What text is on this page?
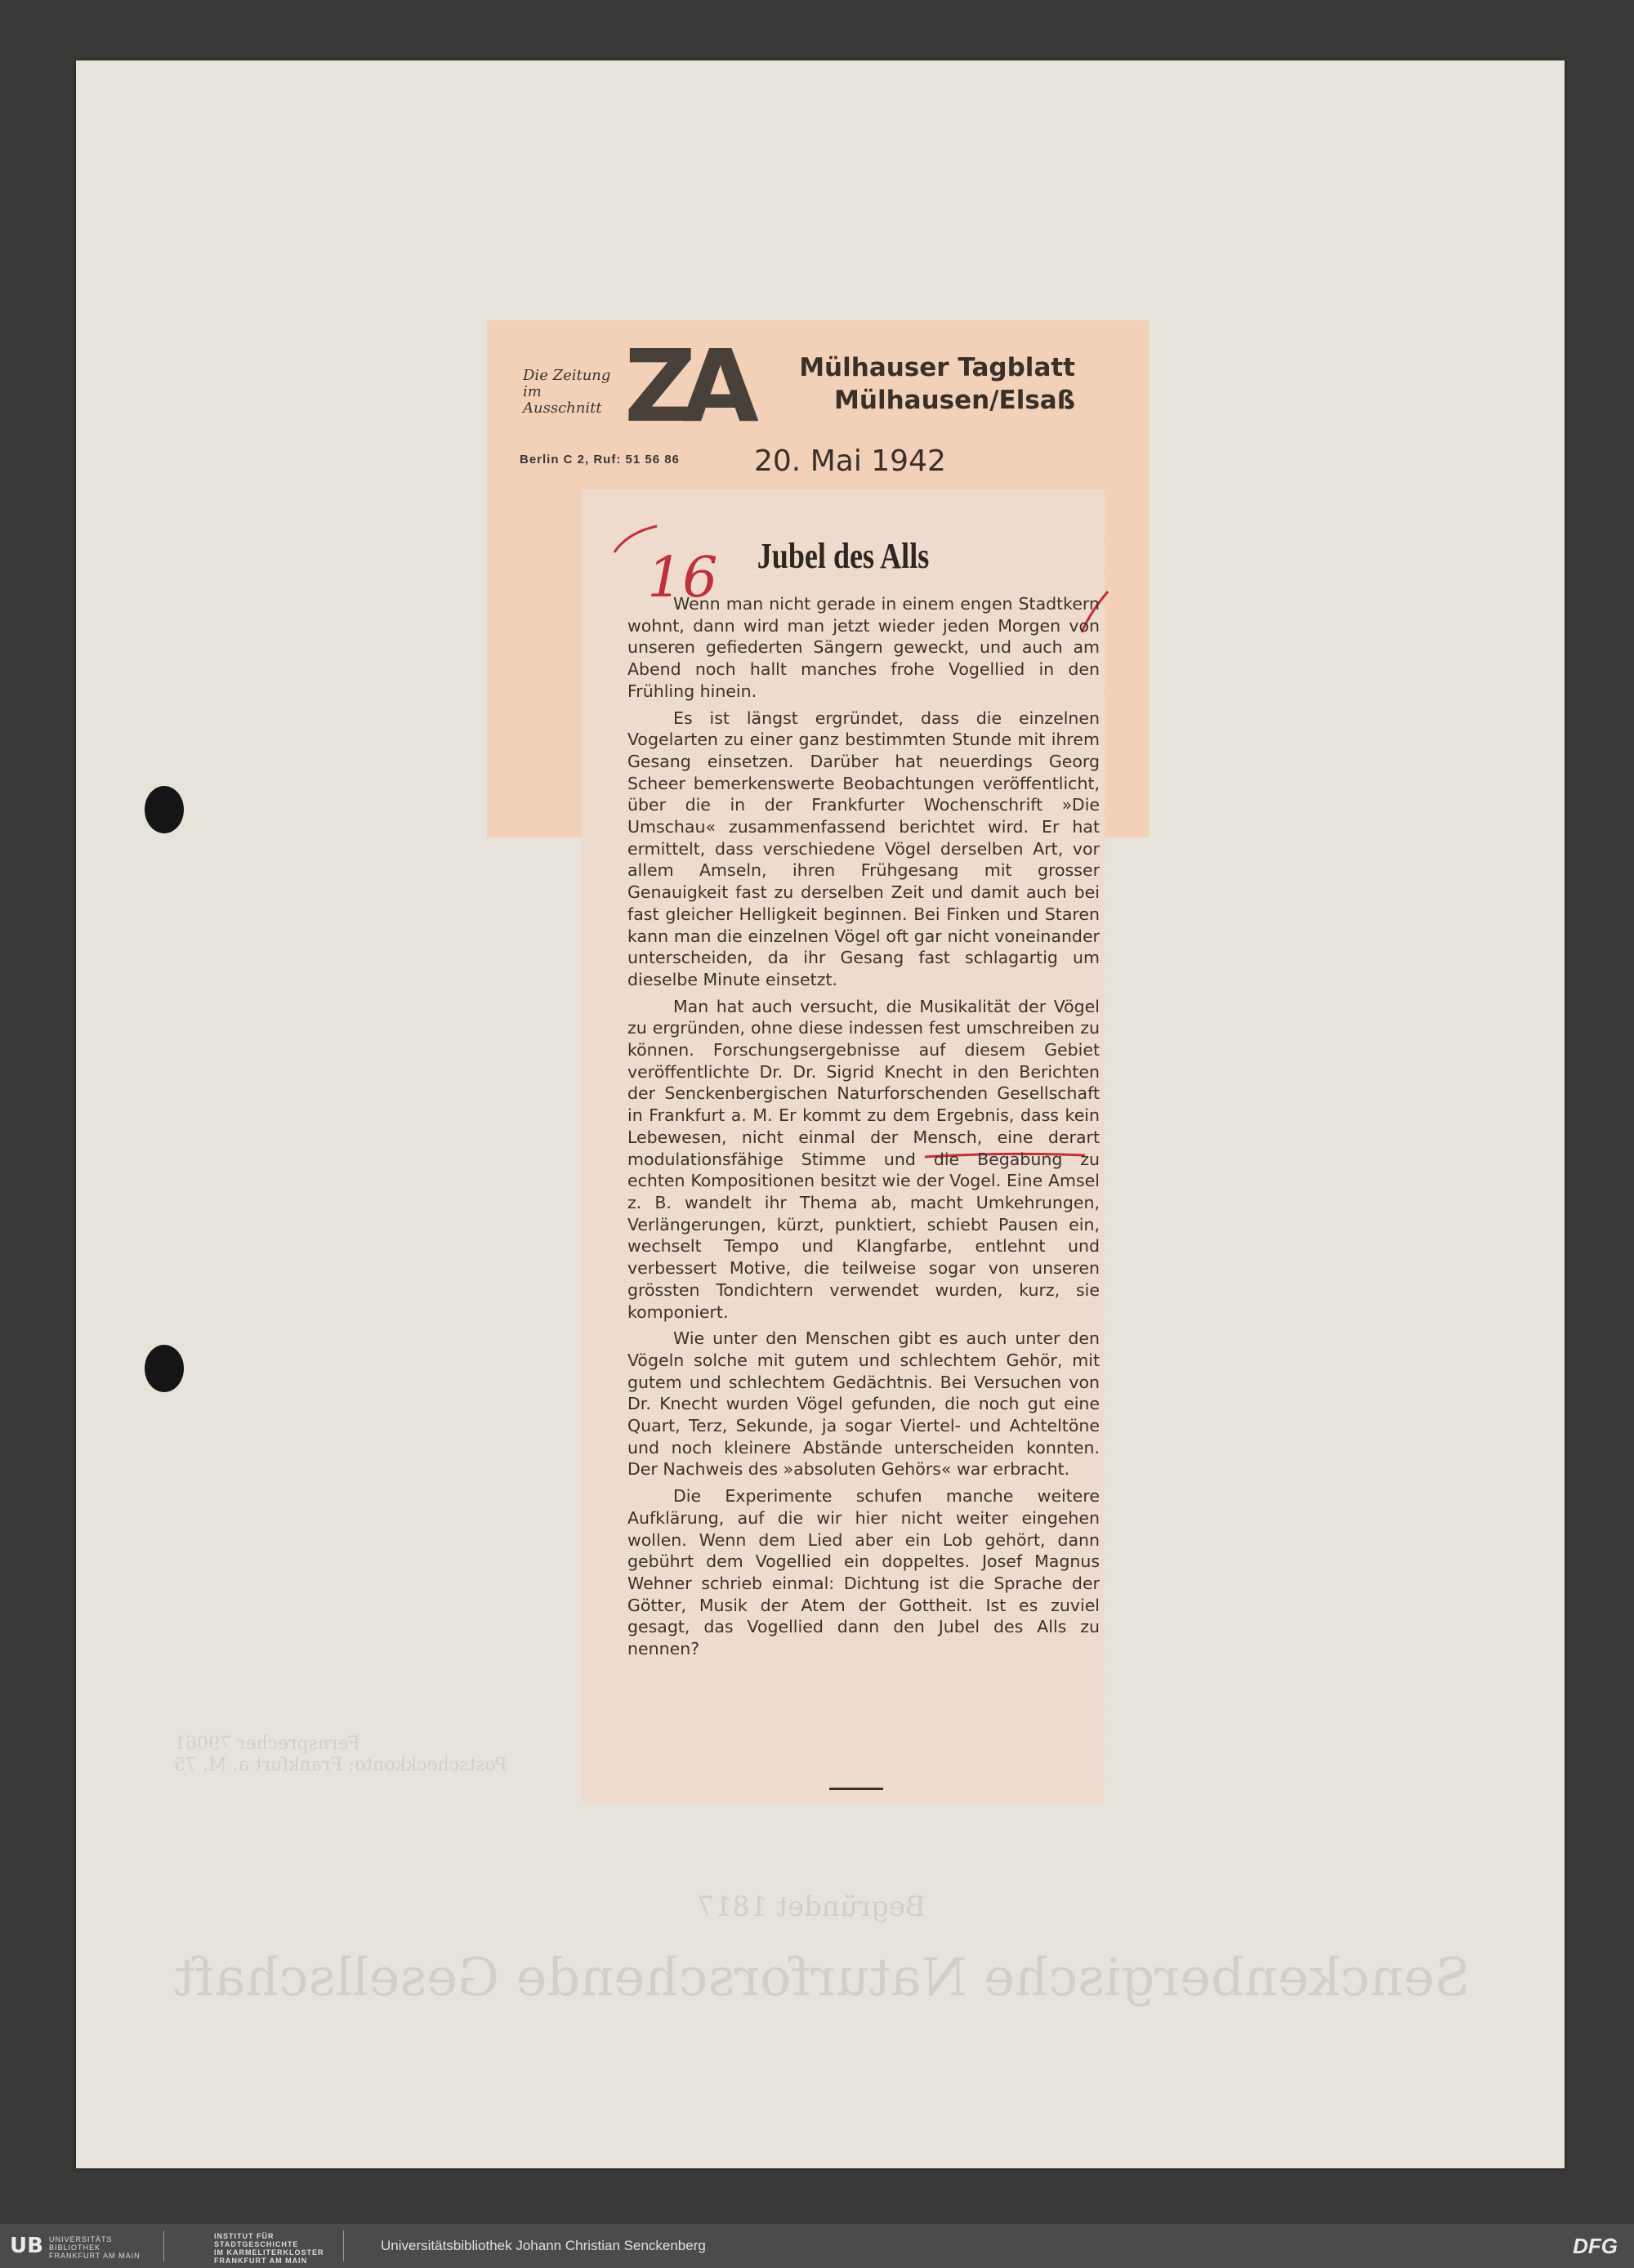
Senckenbergische Naturforschende Gesellschaft
Begründet 1817
Fernsprecher 79061
Postscheckkonto: Frankfurt a. M. 75
Die Zeitung im Ausschnitt ZA
Berlin C 2, Ruf: 51 56 86
Mülhauser Tagblatt
Mülhausen/Elsaß
20. Mai 1942
16	Jubel des Alls

Wenn man nicht gerade in einem engen Stadtkern wohnt, dann wird man jetzt wieder jeden Morgen von unseren gefiederten Sängern geweckt, und auch am Abend noch hallt manches frohe Vogellied in den Frühling hinein.

Es ist längst ergründet, dass die einzelnen Vogelarten zu einer ganz bestimmten Stunde mit ihrem Gesang einsetzen. Darüber hat neuerdings Georg Scheer bemerkenswerte Beobachtungen veröffentlicht, über die in der Frankfurter Wochenschrift »Die Umschau« zusammenfassend berichtet wird. Er hat ermittelt, dass verschiedene Vögel derselben Art, vor allem Amseln, ihren Frühgesang mit grosser Genauigkeit fast zu derselben Zeit und damit auch bei fast gleicher Helligkeit beginnen. Bei Finken und Staren kann man die einzelnen Vögel oft gar nicht voneinander unterscheiden, da ihr Gesang fast schlagartig um dieselbe Minute einsetzt.

Man hat auch versucht, die Musikalität der Vögel zu ergründen, ohne diese indessen fest umschreiben zu können. Forschungsergebnisse auf diesem Gebiet veröffentlichte Dr. Dr. Sigrid Knecht in den Berichten der Senckenbergischen Naturforschenden Gesellschaft in Frankfurt a. M. Er kommt zu dem Ergebnis, dass kein Lebewesen, nicht einmal der Mensch, eine derart modulationsfähige Stimme und die Begabung zu echten Kompositionen besitzt wie der Vogel. Eine Amsel z. B. wandelt ihr Thema ab, macht Umkehrungen, Verlängerungen, kürzt, punktiert, schiebt Pausen ein, wechselt Tempo und Klangfarbe, entlehnt und verbessert Motive, die teilweise sogar von unseren grössten Tondichtern verwendet wurden, kurz, sie komponiert.

Wie unter den Menschen gibt es auch unter den Vögeln solche mit gutem und schlechtem Gehör, mit gutem und schlechtem Gedächtnis. Bei Versuchen von Dr. Knecht wurden Vögel gefunden, die noch gut eine Quart, Terz, Sekunde, ja sogar Viertel- und Achteltöne und noch kleinere Abstände unterscheiden konnten. Der Nachweis des »absoluten Gehörs« war erbracht.

Die Experimente schufen manche weitere Aufklärung, auf die wir hier nicht weiter eingehen wollen. Wenn dem Lied aber ein Lob gehört, dann gebührt dem Vogellied ein doppeltes. Josef Magnus Wehner schrieb einmal: Dichtung ist die Sprache der Götter, Musik der Atem der Gottheit. Ist es zuviel gesagt, das Vogellied dann den Jubel des Alls zu nennen?

UB UNIVERSITÄTS
BIBLIOTHEK
FRANKFURT AM MAIN
INSTITUT FÜR
STADTGESCHICHTE
IM KARMELITERKLOSTER
FRANKFURT AM MAIN
Universitätsbibliothek Johann Christian Senckenberg	DFG
